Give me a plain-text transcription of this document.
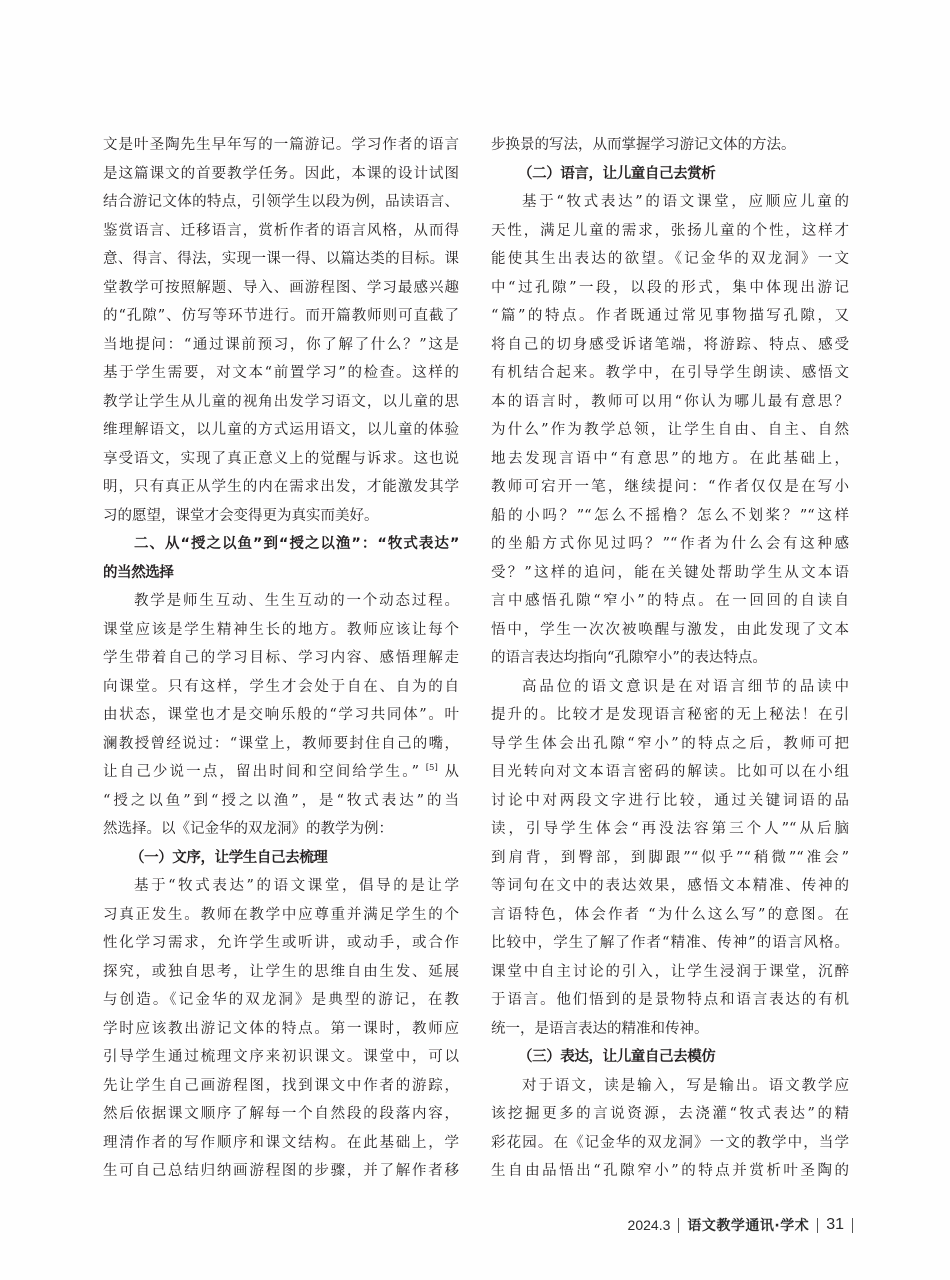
文是叶圣陶先生早年写的一篇游记。学习作者的语言
是这篇课文的首要教学任务。因此，本课的设计试图
结合游记文体的特点，引领学生以段为例，品读语言、
鉴赏语言、迁移语言，赏析作者的语言风格，从而得
意、得言、得法，实现一课一得、以篇达类的目标。课
堂教学可按照解题、导入、画游程图、学习最感兴趣
的“孔隙”、仿写等环节进行。而开篇教师则可直截了
当地提问：“通过课前预习，你了解了什么？”这是
基于学生需要，对文本“前置学习”的检查。这样的
教学让学生从儿童的视角出发学习语文，以儿童的思
维理解语文，以儿童的方式运用语文，以儿童的体验
享受语文，实现了真正意义上的觉醒与诉求。这也说
明，只有真正从学生的内在需求出发，才能激发其学
习的愿望，课堂才会变得更为真实而美好。
二、从“授之以鱼”到“授之以渔”：“牧式表达”
的当然选择
教学是师生互动、生生互动的一个动态过程。
课堂应该是学生精神生长的地方。教师应该让每个
学生带着自己的学习目标、学习内容、感悟理解走
向课堂。只有这样，学生才会处于自在、自为的自
由状态，课堂也才是交响乐般的“学习共同体”。叶
澜教授曾经说过：“课堂上，教师要封住自己的嘴，
让自己少说一点，留出时间和空间给学生。” [5] 从
“授之以鱼”到“授之以渔”，是“牧式表达”的当
然选择。以《记金华的双龙洞》的教学为例：
（一）文序，让学生自己去梳理
基于“牧式表达”的语文课堂，倡导的是让学
习真正发生。教师在教学中应尊重并满足学生的个
性化学习需求，允许学生或听讲，或动手，或合作
探究，或独自思考，让学生的思维自由生发、延展
与创造。《记金华的双龙洞》是典型的游记，在教
学时应该教出游记文体的特点。第一课时，教师应
引导学生通过梳理文序来初识课文。课堂中，可以
先让学生自己画游程图，找到课文中作者的游踪，
然后依据课文顺序了解每一个自然段的段落内容，
理清作者的写作顺序和课文结构。在此基础上，学
生可自己总结归纳画游程图的步骤，并了解作者移
步换景的写法，从而掌握学习游记文体的方法。
（二）语言，让儿童自己去赏析
基于“牧式表达”的语文课堂，应顺应儿童的
天性，满足儿童的需求，张扬儿童的个性，这样才
能使其生出表达的欲望。《记金华的双龙洞》一文
中“过孔隙”一段，以段的形式，集中体现出游记
“篇”的特点。作者既通过常见事物描写孔隙，又
将自己的切身感受诉诸笔端，将游踪、特点、感受
有机结合起来。教学中，在引导学生朗读、感悟文
本的语言时，教师可以用“你认为哪儿最有意思？
为什么”作为教学总领，让学生自由、自主、自然
地去发现言语中“有意思”的地方。在此基础上，
教师可宕开一笔，继续提问：“作者仅仅是在写小
船的小吗？”“怎么不摇橹？怎么不划桨？”“这样
的坐船方式你见过吗？”“作者为什么会有这种感
受？”这样的追问，能在关键处帮助学生从文本语
言中感悟孔隙“窄小”的特点。在一回回的自读自
悟中，学生一次次被唤醒与激发，由此发现了文本
的语言表达均指向“孔隙窄小”的表达特点。
高品位的语文意识是在对语言细节的品读中
提升的。比较才是发现语言秘密的无上秘法！在引
导学生体会出孔隙“窄小”的特点之后，教师可把
目光转向对文本语言密码的解读。比如可以在小组
讨论中对两段文字进行比较，通过关键词语的品
读，引导学生体会“再没法容第三个人”“从后脑
到肩背，到臀部，到脚跟”“似乎”“稍微”“准会”
等词句在文中的表达效果，感悟文本精准、传神的
言语特色，体会作者 “为什么这么写”的意图。在
比较中，学生了解了作者“精准、传神”的语言风格。
课堂中自主讨论的引入，让学生浸润于课堂，沉醉
于语言。他们悟到的是景物特点和语言表达的有机
统一，是语言表达的精准和传神。
（三）表达，让儿童自己去模仿
对于语文，读是输入，写是输出。语文教学应
该挖掘更多的言说资源，去浇灌“牧式表达”的精
彩花园。在《记金华的双龙洞》一文的教学中，当学
生自由品悟出“孔隙窄小”的特点并赏析叶圣陶的
2024.3 语文教学通讯·学术 31
